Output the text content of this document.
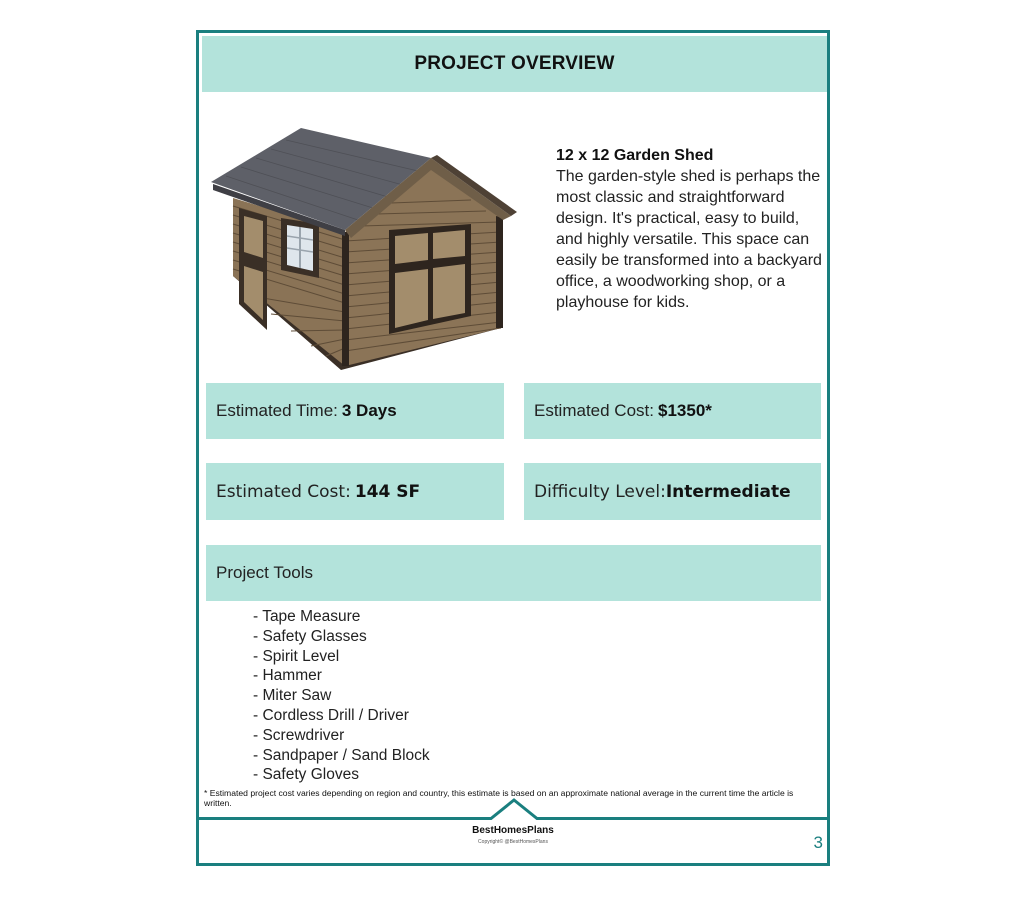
PROJECT OVERVIEW
12 x 12 Garden Shed
The garden-style shed is perhaps the most classic and straightforward design. It's practical, easy to build, and highly versatile. This space can easily be transformed into a backyard office, a woodworking shop, or a playhouse for kids.
Estimated Time: 3 Days	Estimated Cost: $1350*
Estimated Cost: 144 SF	Difficulty Level: Intermediate
Project Tools
- Tape Measure
- Safety Glasses
- Spirit Level
- Hammer
- Miter Saw
- Cordless Drill / Driver
- Screwdriver
- Sandpaper / Sand Block
- Safety Gloves
* Estimated project cost varies depending on region and country, this estimate is based on an approximate national average in the current time the article is written.
BestHomesPlans
Copyright© @BestHomesPlans	3
